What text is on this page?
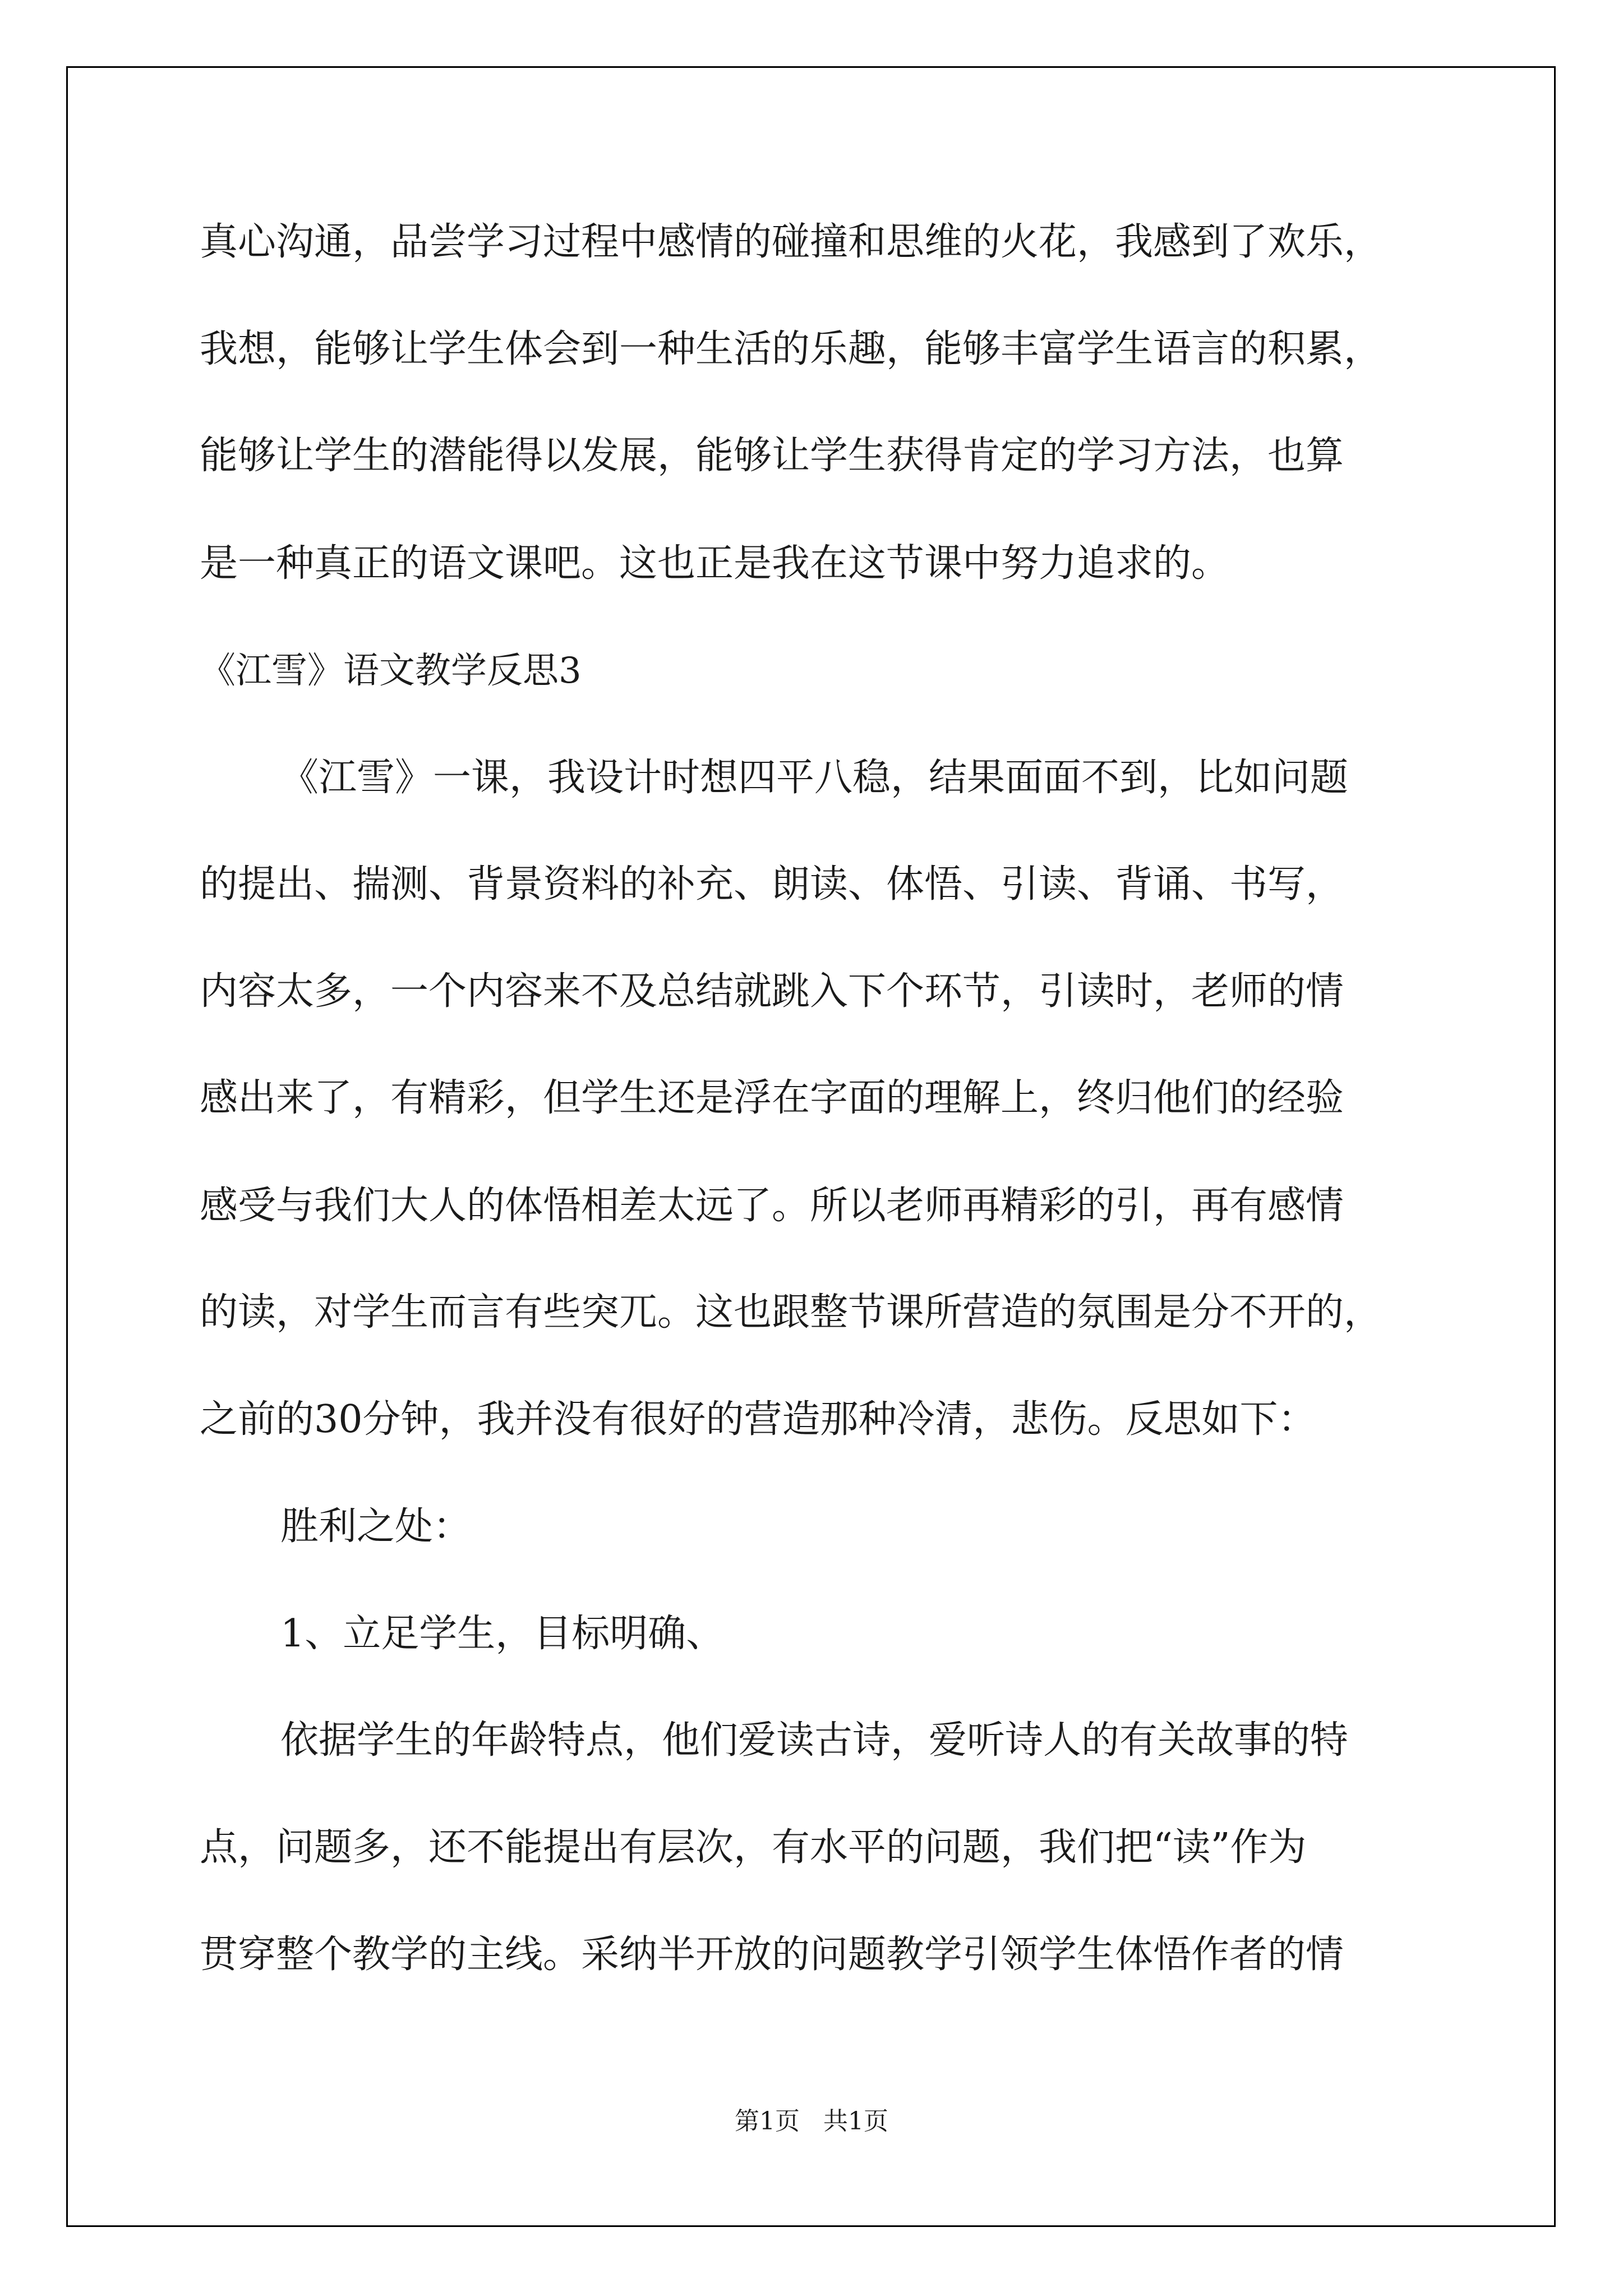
真心沟通，品尝学习过程中感情的碰撞和思维的火花，我感到了欢乐，
我想，能够让学生体会到一种生活的乐趣，能够丰富学生语言的积累，
能够让学生的潜能得以发展，能够让学生获得肯定的学习方法，也算
是一种真正的语文课吧。这也正是我在这节课中努力追求的。
《江雪》语文教学反思3
《江雪》一课，我设计时想四平八稳，结果面面不到，比如问题
的提出、揣测、背景资料的补充、朗读、体悟、引读、背诵、书写，
内容太多，一个内容来不及总结就跳入下个环节，引读时，老师的情
感出来了，有精彩，但学生还是浮在字面的理解上，终归他们的经验
感受与我们大人的体悟相差太远了。所以老师再精彩的引，再有感情
的读，对学生而言有些突兀。这也跟整节课所营造的氛围是分不开的，
之前的30分钟，我并没有很好的营造那种冷清，悲伤。反思如下：
胜利之处：
1、立足学生，目标明确、
依据学生的年龄特点，他们爱读古诗，爱听诗人的有关故事的特
点，问题多，还不能提出有层次，有水平的问题，我们把“读”作为
贯穿整个教学的主线。采纳半开放的问题教学引领学生体悟作者的情
第1页   共1页
